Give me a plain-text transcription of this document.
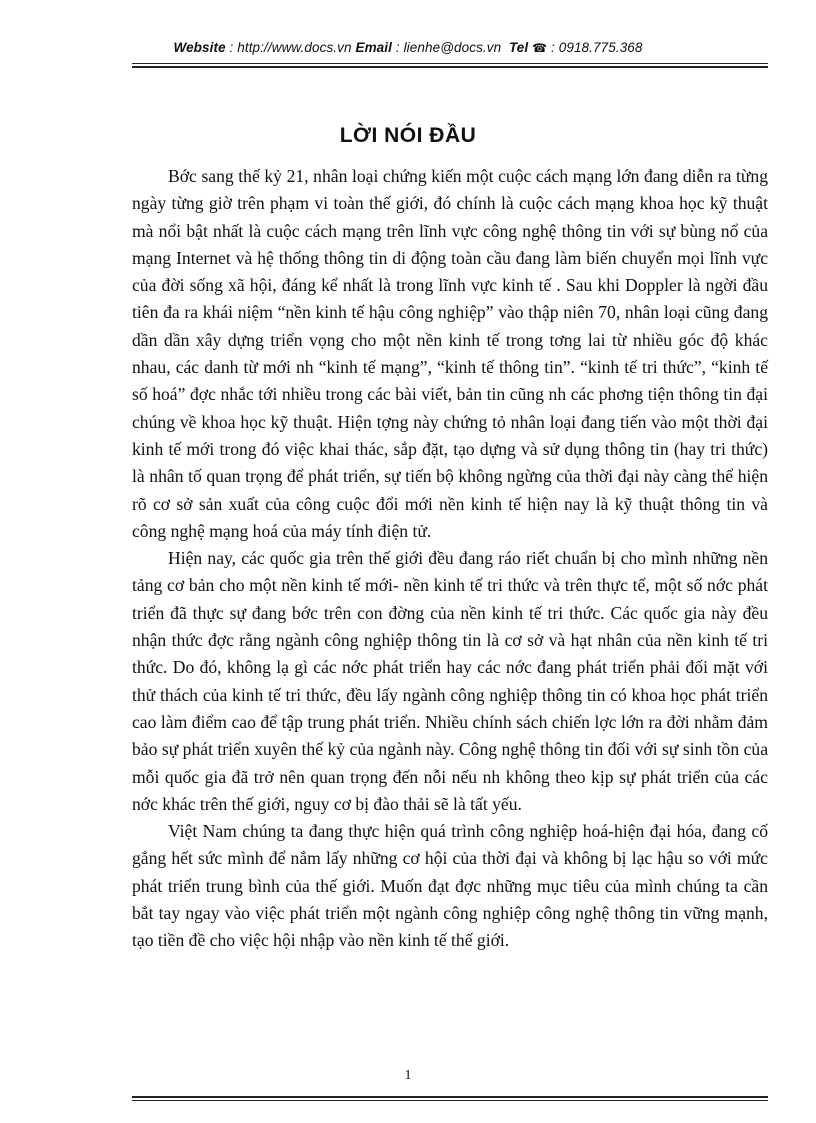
Website : http://www.docs.vn Email : lienhe@docs.vn Tel ☎ : 0918.775.368
LỜI NÓI ĐẦU

Bớc sang thế kỷ 21, nhân loại chứng kiến một cuộc cách mạng lớn đang diễn ra từng ngày từng giờ trên phạm vi toàn thế giới, đó chính là cuộc cách mạng khoa học kỹ thuật mà nổi bật nhất là cuộc cách mạng trên lĩnh vực công nghệ thông tin với sự bùng nổ của mạng Internet và hệ thống thông tin di động toàn cầu đang làm biến chuyển mọi lĩnh vực của đời sống xã hội, đáng kể nhất là trong lĩnh vực kinh tế . Sau khi Doppler là ngời đầu tiên đa ra khái niệm “nền kinh tế hậu công nghiệp” vào thập niên 70, nhân loại cũng đang dần dần xây dựng triển vọng cho một nền kinh tế trong tơng lai từ nhiều góc độ khác nhau, các danh từ mới nh “kinh tế mạng”, “kinh tế thông tin”. “kinh tế tri thức”, “kinh tế số hoá” đợc nhắc tới nhiều trong các bài viết, bản tin cũng nh các phơng tiện thông tin đại chúng về khoa học kỹ thuật. Hiện tợng này chứng tỏ nhân loại đang tiến vào một thời đại kinh tế mới trong đó việc khai thác, sắp đặt, tạo dựng và sử dụng thông tin (hay tri thức) là nhân tố quan trọng để phát triển, sự tiến bộ không ngừng của thời đại này càng thể hiện rõ cơ sở sản xuất của công cuộc đổi mới nền kinh tế hiện nay là kỹ thuật thông tin và công nghệ mạng hoá của máy tính điện tử.

Hiện nay, các quốc gia trên thế giới đều đang ráo riết chuẩn bị cho mình những nền tảng cơ bản cho một nền kinh tế mới- nền kinh tế tri thức và trên thực tế, một số nớc phát triển đã thực sự đang bớc trên con đờng của nền kinh tế tri thức. Các quốc gia này đều nhận thức đợc rằng ngành công nghiệp thông tin là cơ sở và hạt nhân của nền kinh tế tri thức. Do đó, không lạ gì các nớc phát triển hay các nớc đang phát triển phải đối mặt với thử thách của kinh tế tri thức, đều lấy ngành công nghiệp thông tin có khoa học phát triển cao làm điểm cao để tập trung phát triển. Nhiều chính sách chiến lợc lớn ra đời nhằm đảm bảo sự phát triển xuyên thế kỷ của ngành này. Công nghệ thông tin đối với sự sinh tồn của mỗi quốc gia đã trở nên quan trọng đến nỗi nếu nh không theo kịp sự phát triển của các nớc khác trên thế giới, nguy cơ bị đào thải sẽ là tất yếu.

Việt Nam chúng ta đang thực hiện quá trình công nghiệp hoá-hiện đại hóa, đang cố gắng hết sức mình để nắm lấy những cơ hội của thời đại và không bị lạc hậu so với mức phát triển trung bình của thế giới. Muốn đạt đợc những mục tiêu của mình chúng ta cần bắt tay ngay vào việc phát triển một ngành công nghiệp công nghệ thông tin vững mạnh, tạo tiền đề cho việc hội nhập vào nền kinh tế thế giới.

1
